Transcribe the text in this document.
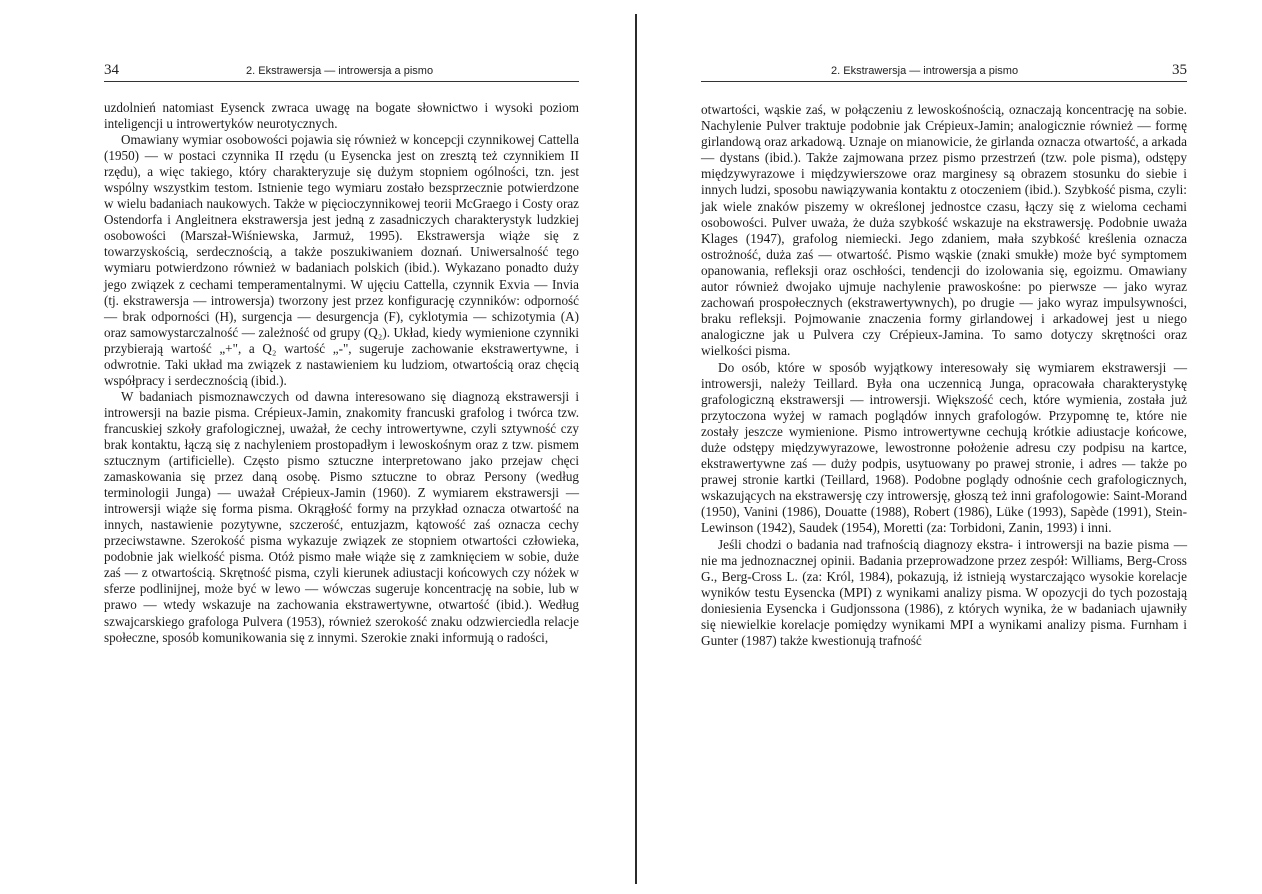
34	2. Ekstrawersja — introwersja a pismo

uzdolnień natomiast Eysenck zwraca uwagę na bogate słownictwo i wysoki poziom inteligencji u introwertyków neurotycznych.

Omawiany wymiar osobowości pojawia się również w koncepcji czynnikowej Cattella (1950) — w postaci czynnika II rzędu (u Eysencka jest on zresztą też czynnikiem II rzędu), a więc takiego, który charakteryzuje się dużym stopniem ogólności, tzn. jest wspólny wszystkim testom. Istnienie tego wymiaru zostało bezsprzecznie potwierdzone w wielu badaniach naukowych. Także w pięcioczynnikowej teorii McGraego i Costy oraz Ostendorfa i Angleitnera ekstrawersja jest jedną z zasadniczych charakterystyk ludzkiej osobowości (Marszał-Wiśniewska, Jarmuż, 1995). Ekstrawersja wiąże się z towarzyskością, serdecznością, a także poszukiwaniem doznań. Uniwersalność tego wymiaru potwierdzono również w badaniach polskich (ibid.). Wykazano ponadto duży jego związek z cechami temperamentalnymi. W ujęciu Cattella, czynnik Exvia — Invia (tj. ekstrawersja — introwersja) tworzony jest przez konfigurację czynników: odporność — brak odporności (H), surgencja — desurgencja (F), cyklotymia — schizotymia (A) oraz samowystarczalność — zależność od grupy (Q₂). Układ, kiedy wymienione czynniki przybierają wartość „+", a Q₂ wartość „-", sugeruje zachowanie ekstrawertywne, i odwrotnie. Taki układ ma związek z nastawieniem ku ludziom, otwartością oraz chęcią współpracy i serdecznością (ibid.).

W badaniach pismoznawczych od dawna interesowano się diagnozą ekstrawersji i introwersji na bazie pisma. Crépieux-Jamin, znakomity francuski grafolog i twórca tzw. francuskiej szkoły grafologicznej, uważał, że cechy introwertywne, czyli sztywność czy brak kontaktu, łączą się z nachyleniem prostopadłym i lewoskośnym oraz z tzw. pismem sztucznym (artificielle). Często pismo sztuczne interpretowano jako przejaw chęci zamaskowania się przez daną osobę. Pismo sztuczne to obraz Persony (według terminologii Junga) — uważał Crépieux-Jamin (1960). Z wymiarem ekstrawersji — introwersji wiąże się forma pisma. Okrągłość formy na przykład oznacza otwartość na innych, nastawienie pozytywne, szczerość, entuzjazm, kątowość zaś oznacza cechy przeciwstawne. Szerokość pisma wykazuje związek ze stopniem otwartości człowieka, podobnie jak wielkość pisma. Otóż pismo małe wiąże się z zamknięciem w sobie, duże zaś — z otwartością. Skrętność pisma, czyli kierunek adiustacji końcowych czy nóżek w sferze podlinijnej, może być w lewo — wówczas sugeruje koncentrację na sobie, lub w prawo — wtedy wskazuje na zachowania ekstrawertywne, otwartość (ibid.). Według szwajcarskiego grafologa Pulvera (1953), również szerokość znaku odzwierciedla relacje społeczne, sposób komunikowania się z innymi. Szerokie znaki informują o radości,

2. Ekstrawersja — introwersja a pismo	35

otwartości, wąskie zaś, w połączeniu z lewoskośnością, oznaczają koncentrację na sobie. Nachylenie Pulver traktuje podobnie jak Crépieux-Jamin; analogicznie również — formę girlandową oraz arkadową. Uznaje on mianowicie, że girlanda oznacza otwartość, a arkada — dystans (ibid.). Także zajmowana przez pismo przestrzeń (tzw. pole pisma), odstępy międzywyrazowe i międzywierszowe oraz marginesy są obrazem stosunku do siebie i innych ludzi, sposobu nawiązywania kontaktu z otoczeniem (ibid.). Szybkość pisma, czyli: jak wiele znaków piszemy w określonej jednostce czasu, łączy się z wieloma cechami osobowości. Pulver uważa, że duża szybkość wskazuje na ekstrawersję. Podobnie uważa Klages (1947), grafolog niemiecki. Jego zdaniem, mała szybkość kreślenia oznacza ostrożność, duża zaś — otwartość. Pismo wąskie (znaki smukłe) może być symptomem opanowania, refleksji oraz oschłości, tendencji do izolowania się, egoizmu. Omawiany autor również dwojako ujmuje nachylenie prawoskośne: po pierwsze — jako wyraz zachowań prospołecznych (ekstrawertywnych), po drugie — jako wyraz impulsywności, braku refleksji. Pojmowanie znaczenia formy girlandowej i arkadowej jest u niego analogiczne jak u Pulvera czy Crépieux-Jamina. To samo dotyczy skrętności oraz wielkości pisma.

Do osób, które w sposób wyjątkowy interesowały się wymiarem ekstrawersji — introwersji, należy Teillard. Była ona uczennicą Junga, opracowała charakterystykę grafologiczną ekstrawersji — introwersji. Większość cech, które wymienia, została już przytoczona wyżej w ramach poglądów innych grafologów. Przypomnę te, które nie zostały jeszcze wymienione. Pismo introwertywne cechują krótkie adiustacje końcowe, duże odstępy międzywyrazowe, lewostronne położenie adresu czy podpisu na kartce, ekstrawertywne zaś — duży podpis, usytuowany po prawej stronie, i adres — także po prawej stronie kartki (Teillard, 1968). Podobne poglądy odnośnie cech grafologicznych, wskazujących na ekstrawersję czy introwersję, głoszą też inni grafologowie: Saint-Morand (1950), Vanini (1986), Douatte (1988), Robert (1986), Lüke (1993), Sapède (1991), Stein-Lewinson (1942), Saudek (1954), Moretti (za: Torbidoni, Zanin, 1993) i inni.

Jeśli chodzi o badania nad trafnością diagnozy ekstra- i introwersji na bazie pisma — nie ma jednoznacznej opinii. Badania przeprowadzone przez zespół: Williams, Berg-Cross G., Berg-Cross L. (za: Król, 1984), pokazują, iż istnieją wystarczająco wysokie korelacje wyników testu Eysencka (MPI) z wynikami analizy pisma. W opozycji do tych pozostają doniesienia Eysencka i Gudjonssona (1986), z których wynika, że w badaniach ujawniły się niewielkie korelacje pomiędzy wynikami MPI a wynikami analizy pisma. Furnham i Gunter (1987) także kwestionują trafność
